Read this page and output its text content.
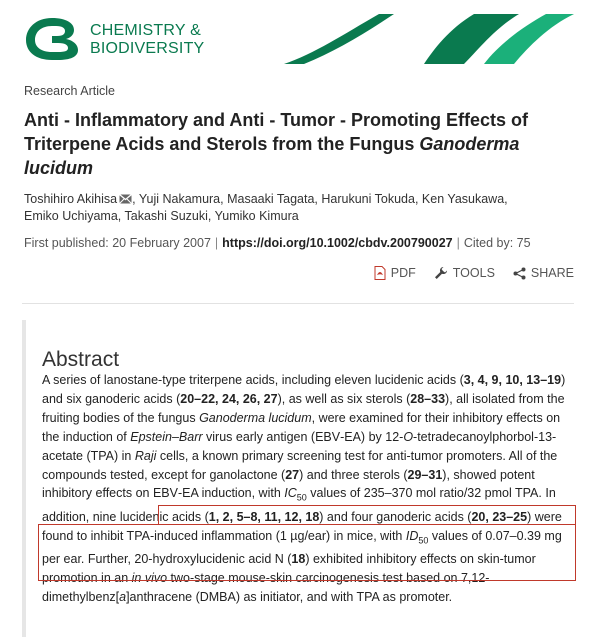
CHEMISTRY &
BIODIVERSITY
Research Article
Anti ‐ Inflammatory and Anti ‐ Tumor ‐ Promoting Effects of Triterpene Acids and Sterols from the Fungus Ganoderma lucidum
Toshihiro Akihisa , Yuji Nakamura, Masaaki Tagata, Harukuni Tokuda, Ken Yasukawa,
Emiko Uchiyama, Takashi Suzuki, Yumiko Kimura
First published: 20 February 2007 | https://doi.org/10.1002/cbdv.200790027 | Cited by: 75
PDF	TOOLS	SHARE
Abstract
A series of lanostane‐type triterpene acids, including eleven lucidenic acids (3, 4, 9, 10, 13–19) and six ganoderic acids (20–22, 24, 26, 27), as well as six sterols (28–33), all isolated from the fruiting bodies of the fungus Ganoderma lucidum, were examined for their inhibitory effects on the induction of Epstein–Barr virus early antigen (EBV‐EA) by 12‐O‐tetradecanoylphorbol‐13‐acetate (TPA) in Raji cells, a known primary screening test for anti‐tumor promoters. All of the compounds tested, except for ganolactone (27) and three sterols (29–31), showed potent inhibitory effects on EBV‐EA induction, with $IC_{50}$ values of 235–370 mol ratio/32 pmol TPA. In addition, nine lucidenic acids (1, 2, 5–8, 11, 12, 18) and four ganoderic acids (20, 23–25) were found to inhibit TPA‐induced inflammation (1 µg/ear) in mice, with $ID_{50}$ values of 0.07–0.39 mg per ear. Further, 20‐hydroxylucidenic acid N (18) exhibited inhibitory effects on skin‐tumor promotion in an in vivo two‐stage mouse‐skin carcinogenesis test based on 7,12‐dimethylbenz[a]anthracene (DMBA) as initiator, and with TPA as promoter.
